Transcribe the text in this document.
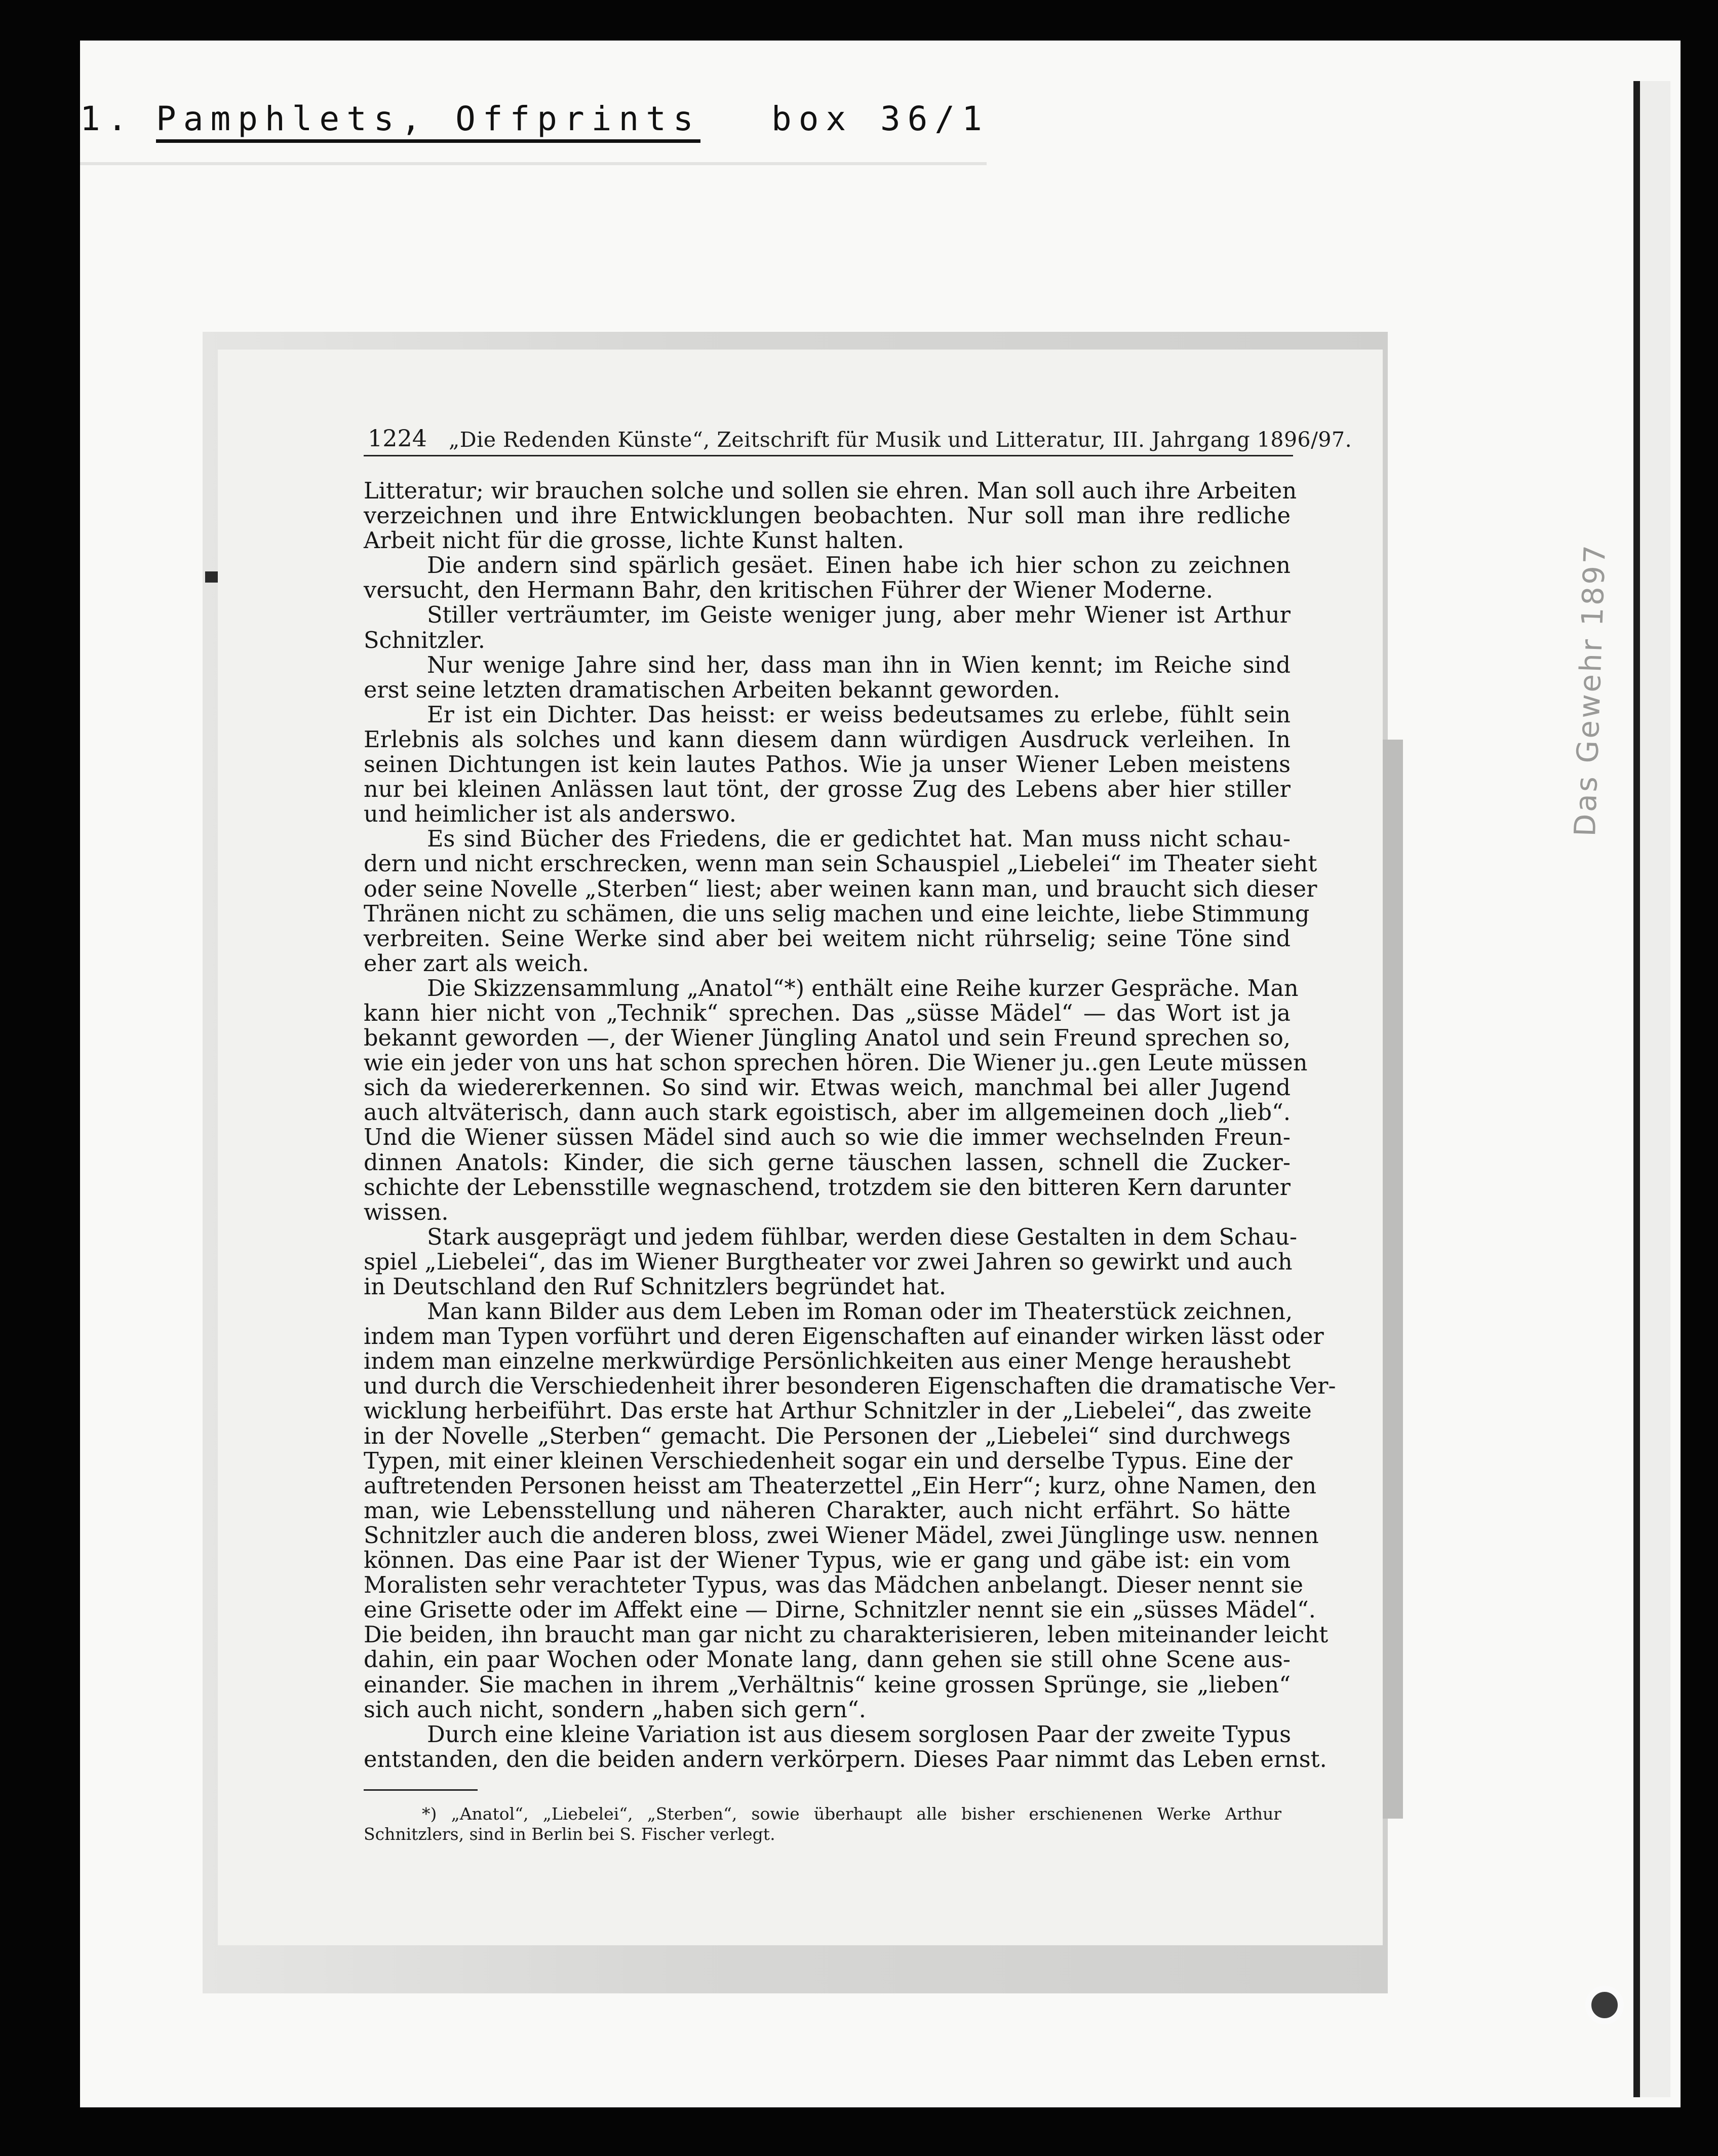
1. Pamphlets, Offprints box 36/1
Das Gewehr 1897
1224 „Die Redenden Künste“, Zeitschrift für Musik und Litteratur, III. Jahrgang 1896/97.

Litteratur; wir brauchen solche und sollen sie ehren. Man soll auch ihre Arbeiten

verzeichnen und ihre Entwicklungen beobachten. Nur soll man ihre redliche

Arbeit nicht für die grosse, lichte Kunst halten.

Die andern sind spärlich gesäet. Einen habe ich hier schon zu zeichnen

versucht, den Hermann Bahr, den kritischen Führer der Wiener Moderne.

Stiller verträumter, im Geiste weniger jung, aber mehr Wiener ist Arthur

Schnitzler.

Nur wenige Jahre sind her, dass man ihn in Wien kennt; im Reiche sind

erst seine letzten dramatischen Arbeiten bekannt geworden.

Er ist ein Dichter. Das heisst: er weiss bedeutsames zu erlebe, fühlt sein

Erlebnis als solches und kann diesem dann würdigen Ausdruck verleihen. In

seinen Dichtungen ist kein lautes Pathos. Wie ja unser Wiener Leben meistens

nur bei kleinen Anlässen laut tönt, der grosse Zug des Lebens aber hier stiller

und heimlicher ist als anderswo.

Es sind Bücher des Friedens, die er gedichtet hat. Man muss nicht schau-

dern und nicht erschrecken, wenn man sein Schauspiel „Liebelei“ im Theater sieht

oder seine Novelle „Sterben“ liest; aber weinen kann man, und braucht sich dieser

Thränen nicht zu schämen, die uns selig machen und eine leichte, liebe Stimmung

verbreiten. Seine Werke sind aber bei weitem nicht rührselig; seine Töne sind

eher zart als weich.

Die Skizzensammlung „Anatol“*) enthält eine Reihe kurzer Gespräche. Man

kann hier nicht von „Technik“ sprechen. Das „süsse Mädel“ — das Wort ist ja

bekannt geworden —, der Wiener Jüngling Anatol und sein Freund sprechen so,

wie ein jeder von uns hat schon sprechen hören. Die Wiener ju..gen Leute müssen

sich da wiedererkennen. So sind wir. Etwas weich, manchmal bei aller Jugend

auch altväterisch, dann auch stark egoistisch, aber im allgemeinen doch „lieb“.

Und die Wiener süssen Mädel sind auch so wie die immer wechselnden Freun-

dinnen Anatols: Kinder, die sich gerne täuschen lassen, schnell die Zucker-

schichte der Lebensstille wegnaschend, trotzdem sie den bitteren Kern darunter

wissen.

Stark ausgeprägt und jedem fühlbar, werden diese Gestalten in dem Schau-

spiel „Liebelei“, das im Wiener Burgtheater vor zwei Jahren so gewirkt und auch

in Deutschland den Ruf Schnitzlers begründet hat.

Man kann Bilder aus dem Leben im Roman oder im Theaterstück zeichnen,

indem man Typen vorführt und deren Eigenschaften auf einander wirken lässt oder

indem man einzelne merkwürdige Persönlichkeiten aus einer Menge heraushebt

und durch die Verschiedenheit ihrer besonderen Eigenschaften die dramatische Ver-

wicklung herbeiführt. Das erste hat Arthur Schnitzler in der „Liebelei“, das zweite

in der Novelle „Sterben“ gemacht. Die Personen der „Liebelei“ sind durchwegs

Typen, mit einer kleinen Verschiedenheit sogar ein und derselbe Typus. Eine der

auftretenden Personen heisst am Theaterzettel „Ein Herr“; kurz, ohne Namen, den

man, wie Lebensstellung und näheren Charakter, auch nicht erfährt. So hätte

Schnitzler auch die anderen bloss, zwei Wiener Mädel, zwei Jünglinge usw. nennen

können. Das eine Paar ist der Wiener Typus, wie er gang und gäbe ist: ein vom

Moralisten sehr verachteter Typus, was das Mädchen anbelangt. Dieser nennt sie

eine Grisette oder im Affekt eine — Dirne, Schnitzler nennt sie ein „süsses Mädel“.

Die beiden, ihn braucht man gar nicht zu charakterisieren, leben miteinander leicht

dahin, ein paar Wochen oder Monate lang, dann gehen sie still ohne Scene aus-

einander. Sie machen in ihrem „Verhältnis“ keine grossen Sprünge, sie „lieben“

sich auch nicht, sondern „haben sich gern“.

Durch eine kleine Variation ist aus diesem sorglosen Paar der zweite Typus

entstanden, den die beiden andern verkörpern. Dieses Paar nimmt das Leben ernst.

*) „Anatol“, „Liebelei“, „Sterben“, sowie überhaupt alle bisher erschienenen Werke Arthur

Schnitzlers, sind in Berlin bei S. Fischer verlegt.
